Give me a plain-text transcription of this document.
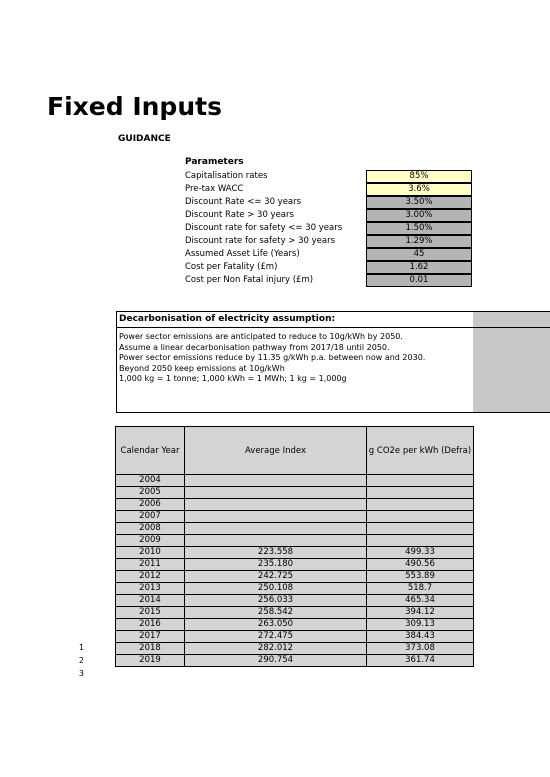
Fixed Inputs
GUIDANCE
Parameters
Capitalisation rates	85%
Pre-tax WACC	3.6%
Discount Rate <= 30 years	3.50%
Discount Rate > 30 years	3.00%
Discount rate for safety <= 30 years	1.50%
Discount rate for safety > 30 years	1.29%
Assumed Asset Life (Years)	45
Cost per Fatality (£m)	1.62
Cost per Non Fatal injury (£m)	0.01
Decarbonisation of electricity assumption:
Power sector emissions are anticipated to reduce to 10g/kWh by 2050.
Assume a linear decarbonisation pathway from 2017/18 until 2050.
Power sector emissions reduce by 11.35 g/kWh p.a. between now and 2030.
Beyond 2050 keep emissions at 10g/kWh
1,000 kg = 1 tonne; 1,000 kWh = 1 MWh; 1 kg = 1,000g
Calendar Year	Average Index	g CO2e per kWh (Defra)
2004		
2005		
2006		
2007		
2008		
2009		
2010	223.558	499.33
2011	235.180	490.56
2012	242.725	553.89
2013	250.108	518.7
2014	256.033	465.34
2015	258.542	394.12
2016	263.050	309.13
2017	272.475	384.43
2018	282.012	373.08
2019	290.754	361.74
1
2
3
